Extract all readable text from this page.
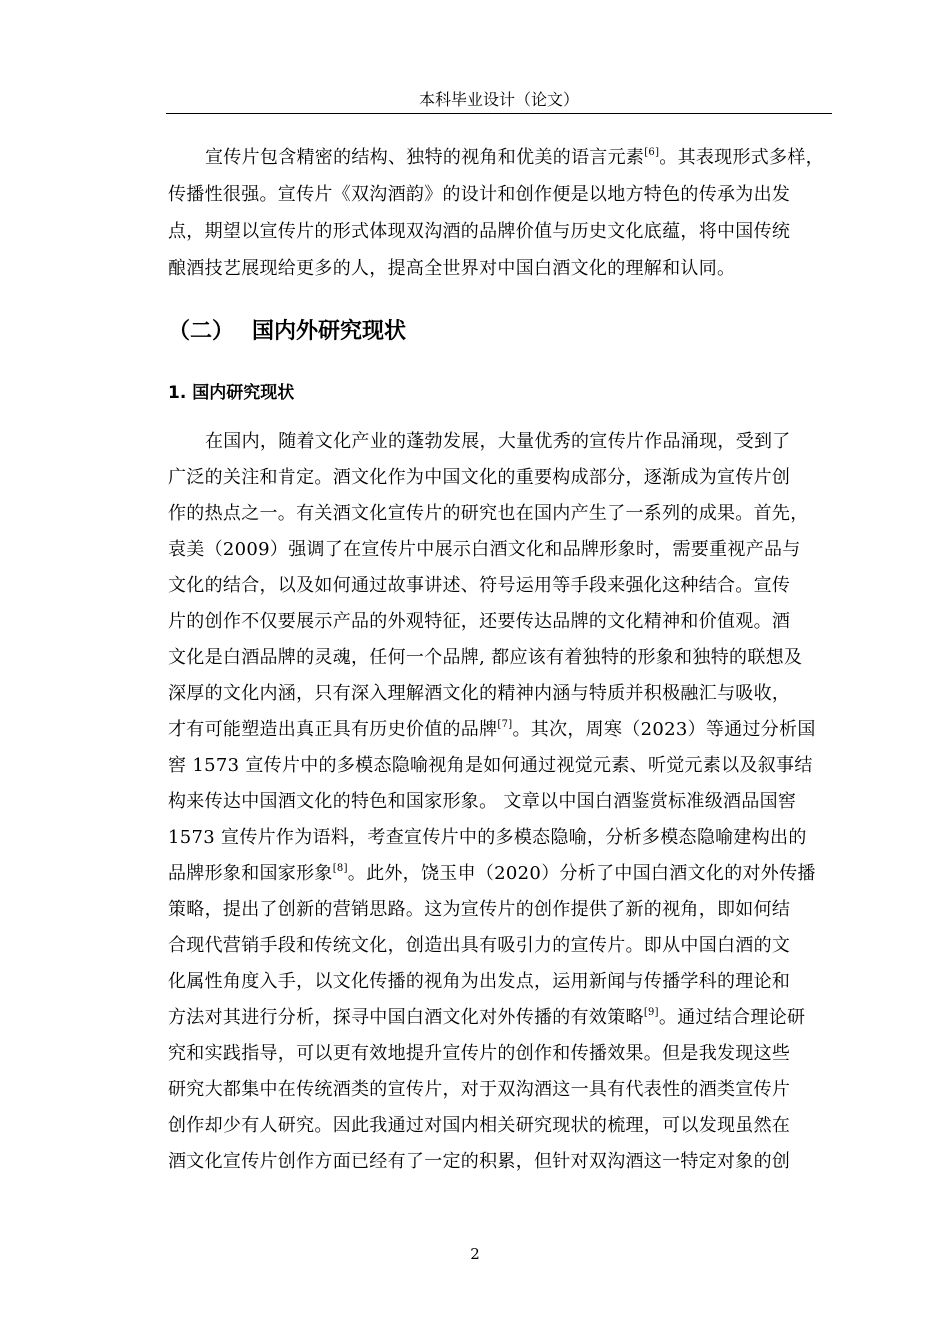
本科毕业设计（论文）
宣传片包含精密的结构、独特的视角和优美的语言元素[6]。其表现形式多样，
传播性很强。宣传片《双沟酒韵》的设计和创作便是以地方特色的传承为出发
点，期望以宣传片的形式体现双沟酒的品牌价值与历史文化底蕴，将中国传统
酿酒技艺展现给更多的人，提高全世界对中国白酒文化的理解和认同。
（二） 国内外研究现状
1. 国内研究现状
在国内，随着文化产业的蓬勃发展，大量优秀的宣传片作品涌现，受到了
广泛的关注和肯定。酒文化作为中国文化的重要构成部分，逐渐成为宣传片创
作的热点之一。有关酒文化宣传片的研究也在国内产生了一系列的成果。首先，
袁美（2009）强调了在宣传片中展示白酒文化和品牌形象时，需要重视产品与
文化的结合，以及如何通过故事讲述、符号运用等手段来强化这种结合。宣传
片的创作不仅要展示产品的外观特征，还要传达品牌的文化精神和价值观。酒
文化是白酒品牌的灵魂，任何一个品牌, 都应该有着独特的形象和独特的联想及
深厚的文化内涵，只有深入理解酒文化的精神内涵与特质并积极融汇与吸收，
才有可能塑造出真正具有历史价值的品牌[7]。其次，周寒（2023）等通过分析国
窖 1573 宣传片中的多模态隐喻视角是如何通过视觉元素、听觉元素以及叙事结
构来传达中国酒文化的特色和国家形象。 文章以中国白酒鉴赏标准级酒品国窖
1573 宣传片作为语料，考查宣传片中的多模态隐喻，分析多模态隐喻建构出的
品牌形象和国家形象[8]。此外，饶玉申（2020）分析了中国白酒文化的对外传播
策略，提出了创新的营销思路。这为宣传片的创作提供了新的视角，即如何结
合现代营销手段和传统文化，创造出具有吸引力的宣传片。即从中国白酒的文
化属性角度入手，以文化传播的视角为出发点，运用新闻与传播学科的理论和
方法对其进行分析，探寻中国白酒文化对外传播的有效策略[9]。通过结合理论研
究和实践指导，可以更有效地提升宣传片的创作和传播效果。但是我发现这些
研究大都集中在传统酒类的宣传片，对于双沟酒这一具有代表性的酒类宣传片
创作却少有人研究。因此我通过对国内相关研究现状的梳理，可以发现虽然在
酒文化宣传片创作方面已经有了一定的积累，但针对双沟酒这一特定对象的创
2
